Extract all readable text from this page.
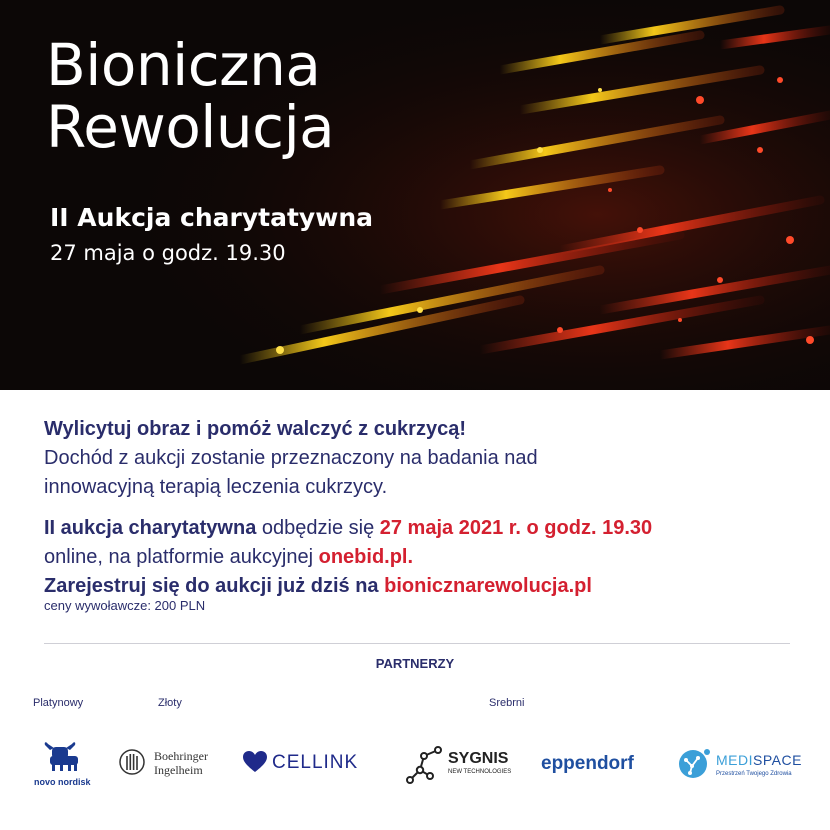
Bioniczna
Rewolucja
II Aukcja charytatywna
27 maja o godz. 19.30

Wylicytuj obraz i pomóż walczyć z cukrzycą!

Dochód z aukcji zostanie przeznaczony na badania nad

innowacyjną terapią leczenia cukrzycy.

II aukcja charytatywna odbędzie się 27 maja 2021 r. o godz. 19.30

online, na platformie aukcyjnej onebid.pl.

Zarejestruj się do aukcji już dziś na bionicznarewolucja.pl

ceny wywoławcze: 200 PLN
PARTNERZY
Platynowy	Złoty	Srebrni
novo nordisk
Boehringer
Ingelheim	CELLINK	SYGNIS
NEW TECHNOLOGIES eppendorf	MEDISPACE
Przestrzeń Twojego Zdrowia
